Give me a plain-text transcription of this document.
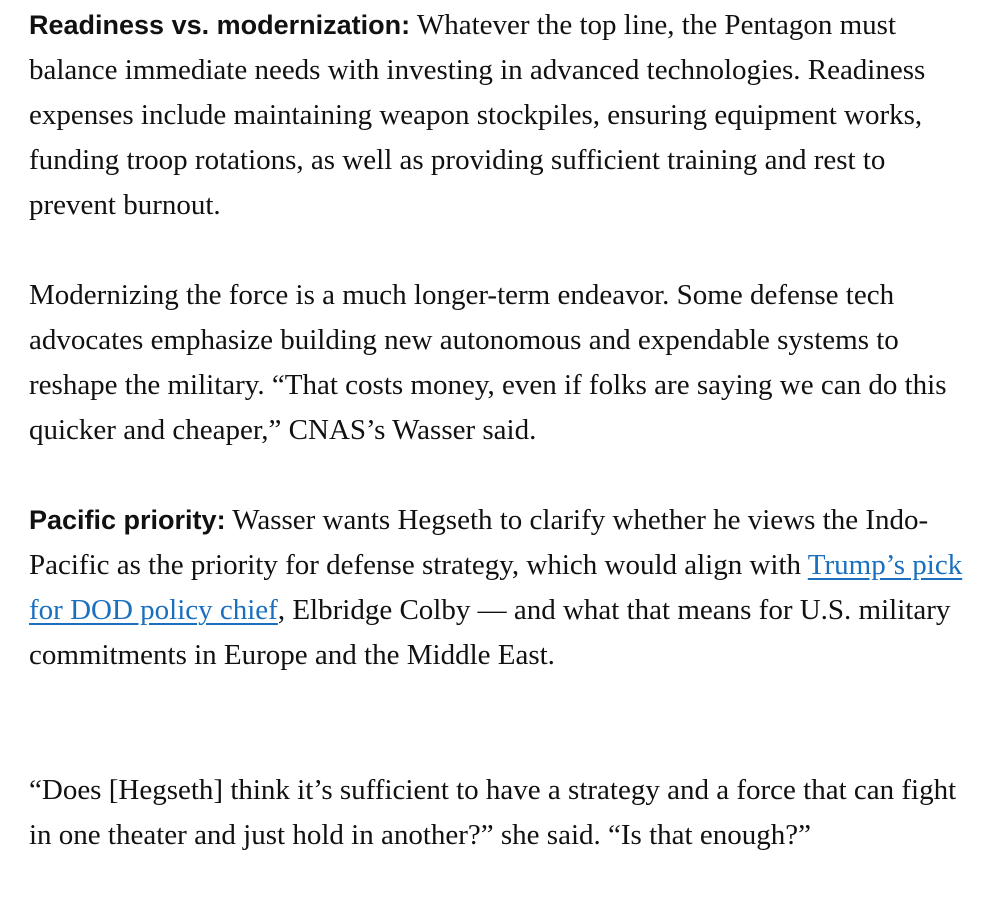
Readiness vs. modernization: Whatever the top line, the Pentagon must balance immediate needs with investing in advanced technologies. Readiness expenses include maintaining weapon stockpiles, ensuring equipment works, funding troop rotations, as well as providing sufficient training and rest to prevent burnout.

Modernizing the force is a much longer-term endeavor. Some defense tech advocates emphasize building new autonomous and expendable systems to reshape the military. “That costs money, even if folks are saying we can do this quicker and cheaper,” CNAS’s Wasser said.

Pacific priority: Wasser wants Hegseth to clarify whether he views the Indo-Pacific as the priority for defense strategy, which would align with Trump’s pick for DOD policy chief, Elbridge Colby — and what that means for U.S. military commitments in Europe and the Middle East.

“Does [Hegseth] think it’s sufficient to have a strategy and a force that can fight in one theater and just hold in another?” she said. “Is that enough?”
